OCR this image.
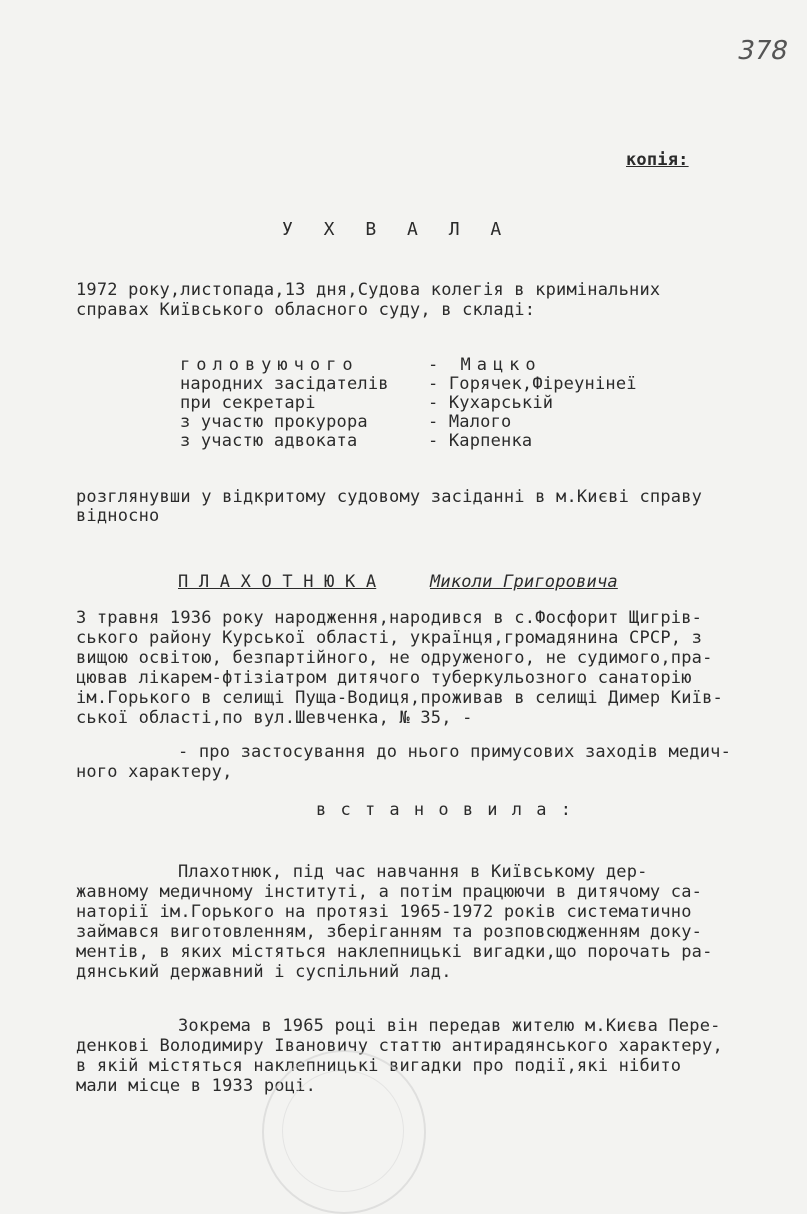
378
копія:
У Х В А Л А
1972 року,листопада,13 дня,Судова колегія в кримінальних
справах Київського обласного суду, в складі:
головуючого	- Мацко
народних засідателів - Горячек,Фіреунінеї
при секретарі	- Кухарській
з участю прокурора	- Малого
з участю адвоката	- Карпенка
розглянувши у відкритому судовому засіданні в м.Києві справу
відносно
П Л А Х О Т Н Ю К А	Миколи Григоровича
3 травня 1936 року народження,народився в с.Фосфорит Щигрів-
ського району Курської області, українця,громадянина СРСР, з
вищою освітою, безпартійного, не одруженого, не судимого,пра-
цював лікарем-фтізіатром дитячого туберкульозного санаторію
ім.Горького в селищі Пуща-Водиця,проживав в селищі Димер Київ-
ської області,по вул.Шевченка, № 35, -
- про застосування до нього примусових заходів медич-
ного характеру,
в с т а н о в и л а :
Плахотнюк, під час навчання в Київському дер-
жавному медичному інституті, а потім працюючи в дитячому са-
наторії ім.Горького на протязі 1965-1972 років систематично
займався виготовленням, зберіганням та розповсюдженням доку-
ментів, в яких містяться наклепницькі вигадки,що порочать ра-
дянський державний і суспільний лад.
Зокрема в 1965 році він передав жителю м.Києва Пере-
денкові Володимиру Івановичу статтю антирадянського характеру,
в якій містяться наклепницькі вигадки про події,які нібито
мали місце в 1933 році.
